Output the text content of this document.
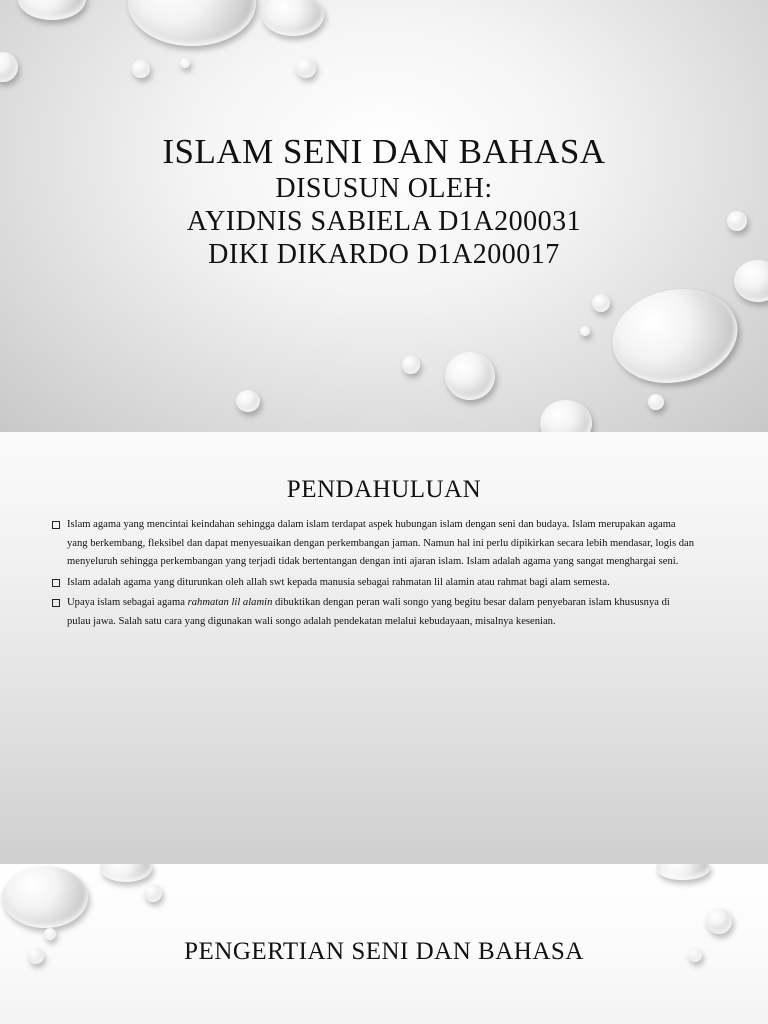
ISLAM SENI DAN BAHASA
DISUSUN OLEH:
AYIDNIS SABIELA D1A200031
DIKI DIKARDO D1A200017
PENDAHULUAN
Islam agama yang mencintai keindahan sehingga dalam islam terdapat aspek hubungan islam dengan seni dan budaya. Islam merupakan agama yang berkembang, fleksibel dan dapat menyesuaikan dengan perkembangan jaman. Namun hal ini perlu dipikirkan secara lebih mendasar, logis dan menyeluruh sehingga perkembangan yang terjadi tidak bertentangan dengan inti ajaran islam. Islam adalah agama yang sangat menghargai seni.
Islam adalah agama yang diturunkan oleh allah swt kepada manusia sebagai rahmatan lil alamin atau rahmat bagi alam semesta.
Upaya islam sebagai agama rahmatan lil alamin dibuktikan dengan peran wali songo yang begitu besar dalam penyebaran islam khususnya di pulau jawa. Salah satu cara yang digunakan wali songo adalah pendekatan melalui kebudayaan, misalnya kesenian.
PENGERTIAN SENI DAN BAHASA
